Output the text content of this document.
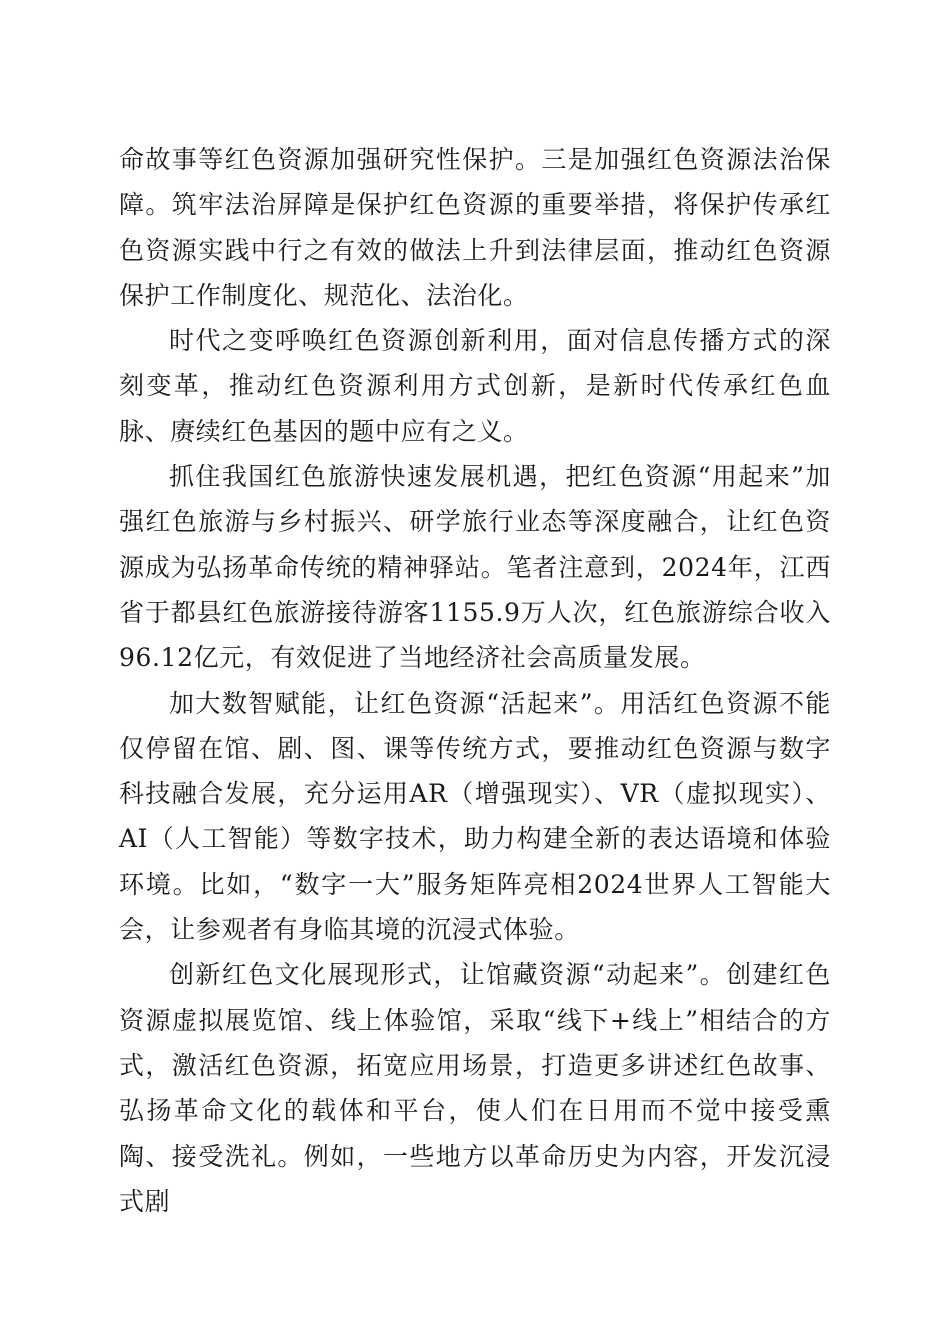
命故事等红色资源加强研究性保护。三是加强红色资源法治保障。筑牢法治屏障是保护红色资源的重要举措，将保护传承红色资源实践中行之有效的做法上升到法律层面，推动红色资源保护工作制度化、规范化、法治化。

时代之变呼唤红色资源创新利用，面对信息传播方式的深刻变革，推动红色资源利用方式创新，是新时代传承红色血脉、赓续红色基因的题中应有之义。

抓住我国红色旅游快速发展机遇，把红色资源“用起来”加强红色旅游与乡村振兴、研学旅行业态等深度融合，让红色资源成为弘扬革命传统的精神驿站。笔者注意到，2024年，江西省于都县红色旅游接待游客1155.9万人次，红色旅游综合收入96.12亿元，有效促进了当地经济社会高质量发展。

加大数智赋能，让红色资源“活起来”。用活红色资源不能仅停留在馆、剧、图、课等传统方式，要推动红色资源与数字科技融合发展，充分运用AR（增强现实）、VR（虚拟现实）、AI（人工智能）等数字技术，助力构建全新的表达语境和体验环境。比如，“数字一大”服务矩阵亮相2024世界人工智能大会，让参观者有身临其境的沉浸式体验。

创新红色文化展现形式，让馆藏资源“动起来”。创建红色资源虚拟展览馆、线上体验馆，采取“线下+线上”相结合的方式，激活红色资源，拓宽应用场景，打造更多讲述红色故事、弘扬革命文化的载体和平台，使人们在日用而不觉中接受熏陶、接受洗礼。例如，一些地方以革命历史为内容，开发沉浸式剧
